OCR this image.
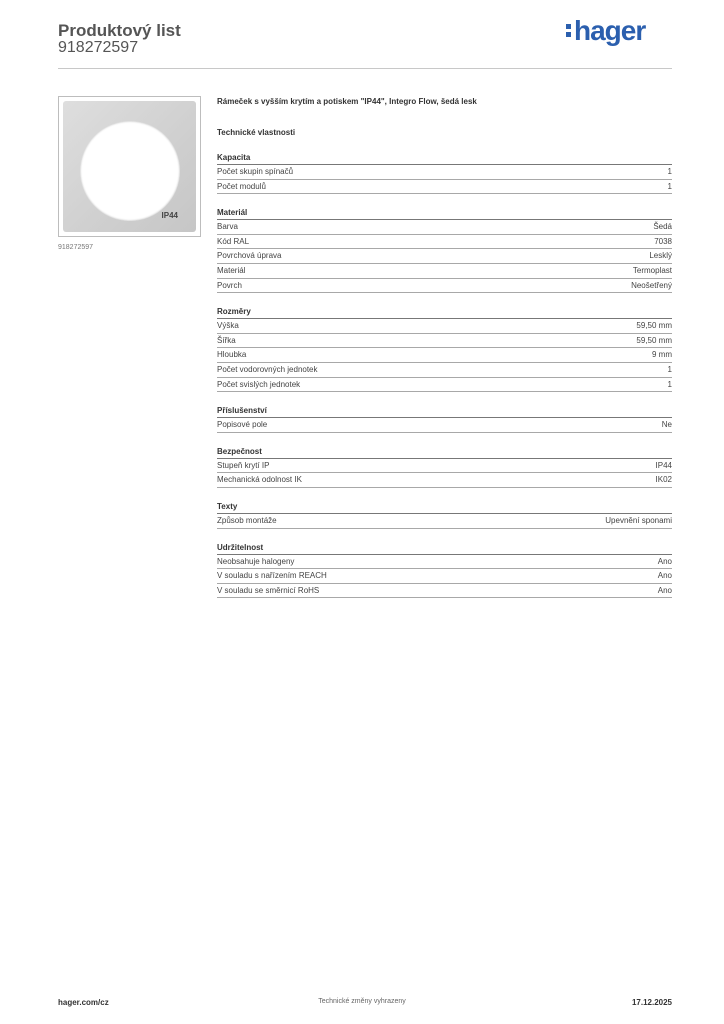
Produktový list
918272597
hager
IP44
918272597
Rámeček s vyšším krytím a potiskem "IP44", Integro Flow, šedá lesk
Technické vlastnosti
Kapacita
Počet skupin spínačů	1
Počet modulů	1
Materiál
Barva	Šedá
Kód RAL	7038
Povrchová úprava	Lesklý
Materiál	Termoplast
Povrch	Neošetřený
Rozměry
Výška	59,50 mm
Šířka	59,50 mm
Hloubka	9 mm
Počet vodorovných jednotek	1
Počet svislých jednotek	1
Příslušenství
Popisové pole	Ne
Bezpečnost
Stupeň krytí IP	IP44
Mechanická odolnost IK	IK02
Texty
Způsob montáže	Upevnění sponami
Udržitelnost
Neobsahuje halogeny	Ano
V souladu s nařízením REACH	Ano
V souladu se směrnicí RoHS	Ano
hager.com/cz	Technické změny vyhrazeny	17.12.2025
